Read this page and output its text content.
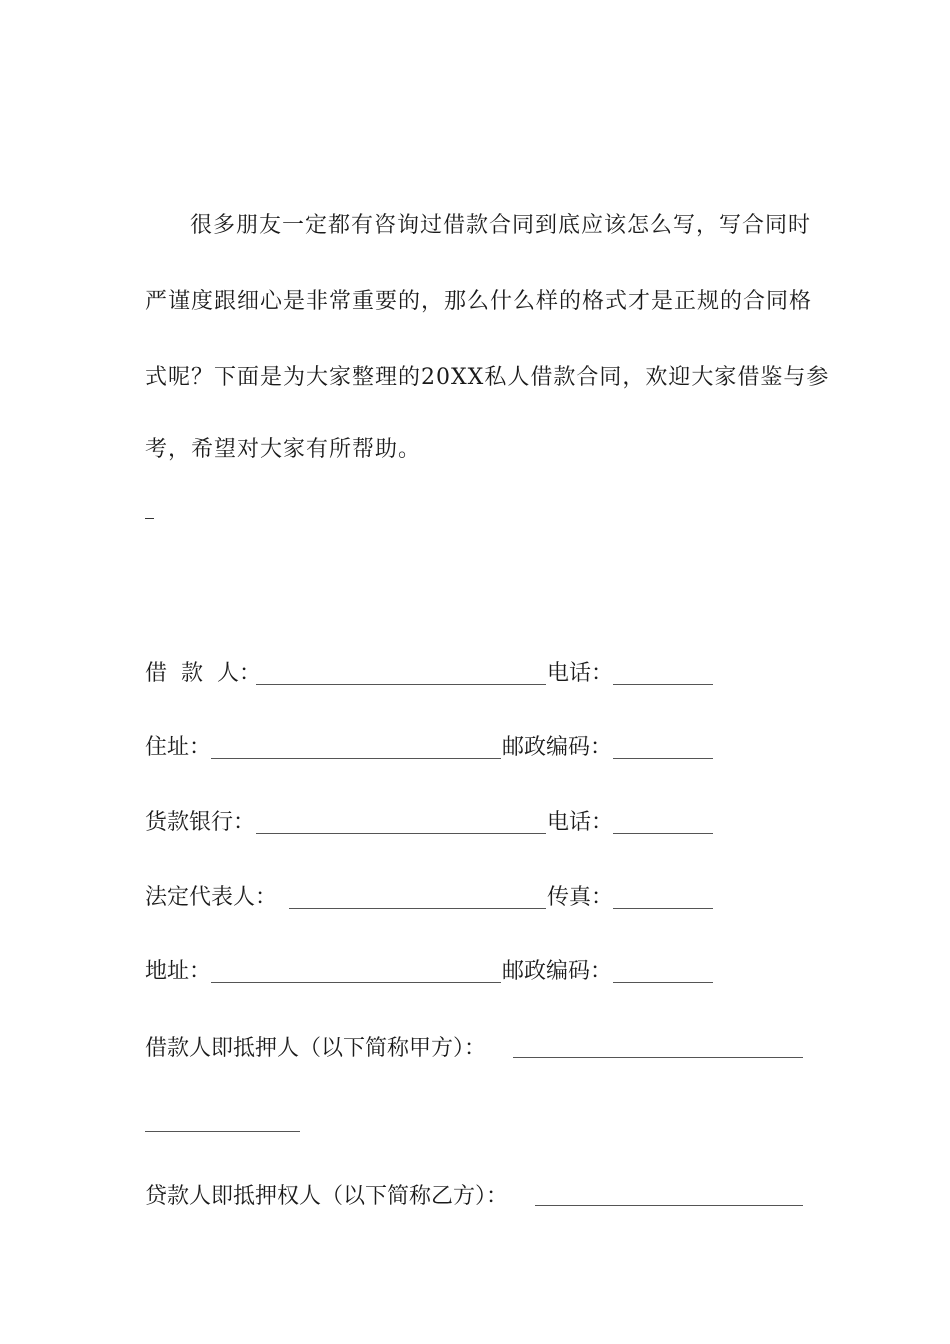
很多朋友一定都有咨询过借款合同到底应该怎么写，写合同时
严谨度跟细心是非常重要的，那么什么样的格式才是正规的合同格
式呢？下面是为大家整理的20XX私人借款合同，欢迎大家借鉴与参
考，希望对大家有所帮助。
借  款  人：	电话：
住址：	邮政编码：
货款银行：	电话：
法定代表人：	传真：
地址：	邮政编码：
借款人即抵押人（以下简称甲方）：
贷款人即抵押权人（以下简称乙方）：
